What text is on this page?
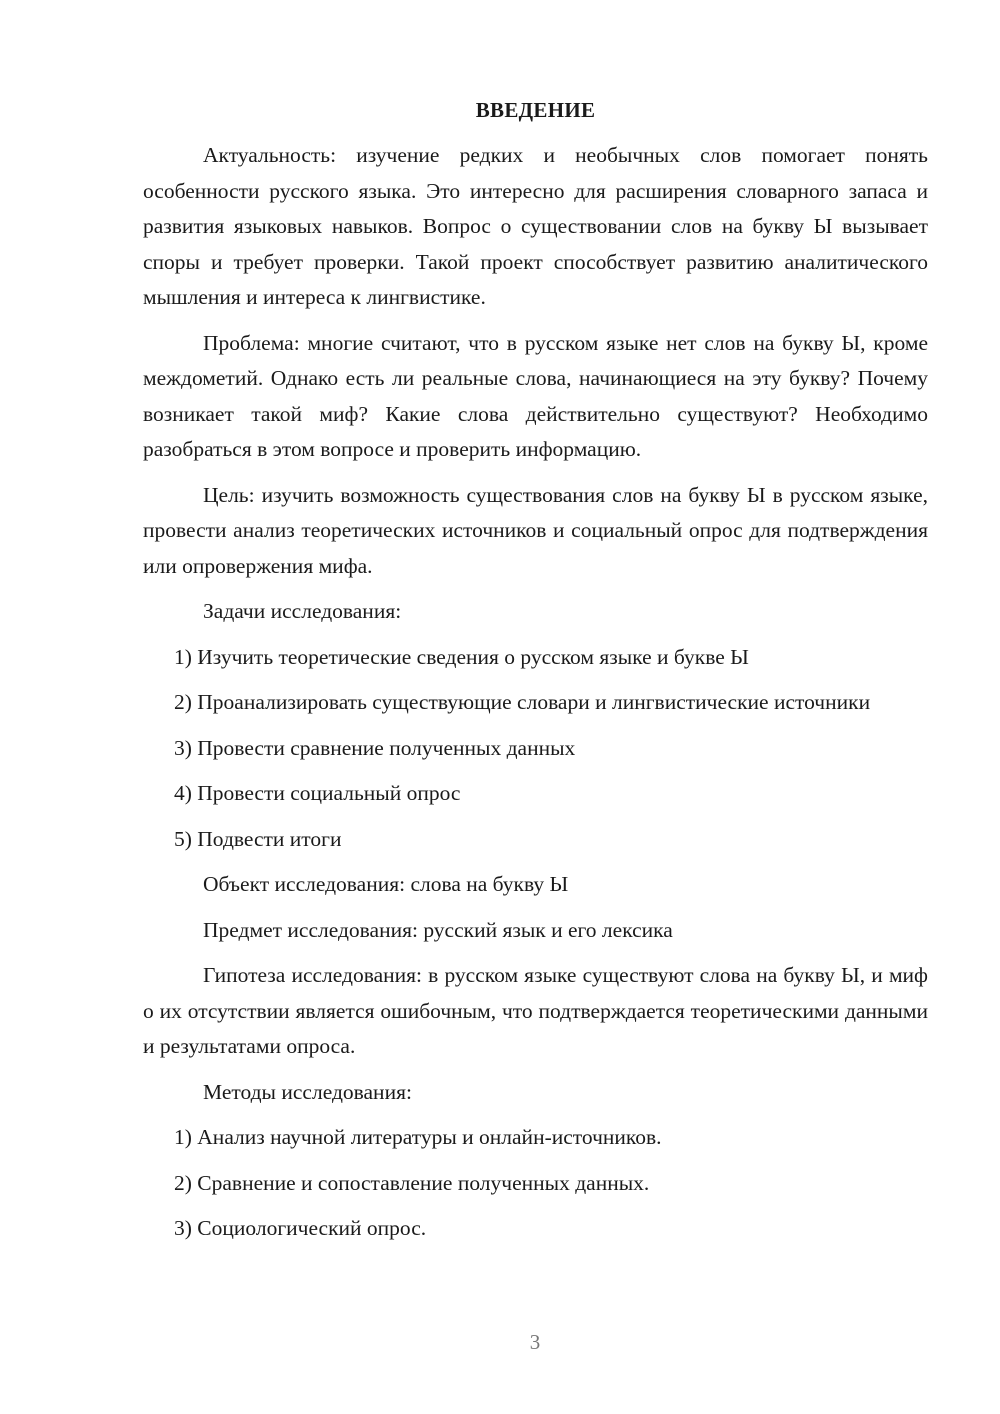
ВВЕДЕНИЕ

Актуальность: изучение редких и необычных слов помогает понять особенности русского языка. Это интересно для расширения словарного запаса и развития языковых навыков. Вопрос о существовании слов на букву Ы вызывает споры и требует проверки. Такой проект способствует развитию аналитического мышления и интереса к лингвистике.

Проблема: многие считают, что в русском языке нет слов на букву Ы, кроме междометий. Однако есть ли реальные слова, начинающиеся на эту букву? Почему возникает такой миф? Какие слова действительно существуют? Необходимо разобраться в этом вопросе и проверить информацию.

Цель: изучить возможность существования слов на букву Ы в русском языке, провести анализ теоретических источников и социальный опрос для подтверждения или опровержения мифа.

Задачи исследования:

1) Изучить теоретические сведения о русском языке и букве Ы

2) Проанализировать существующие словари и лингвистические источники

3) Провести сравнение полученных данных

4) Провести социальный опрос

5) Подвести итоги

Объект исследования: слова на букву Ы

Предмет исследования: русский язык и его лексика

Гипотеза исследования: в русском языке существуют слова на букву Ы, и миф о их отсутствии является ошибочным, что подтверждается теоретическими данными и результатами опроса.

Методы исследования:

1) Анализ научной литературы и онлайн-источников.

2) Сравнение и сопоставление полученных данных.

3) Социологический опрос.

3
